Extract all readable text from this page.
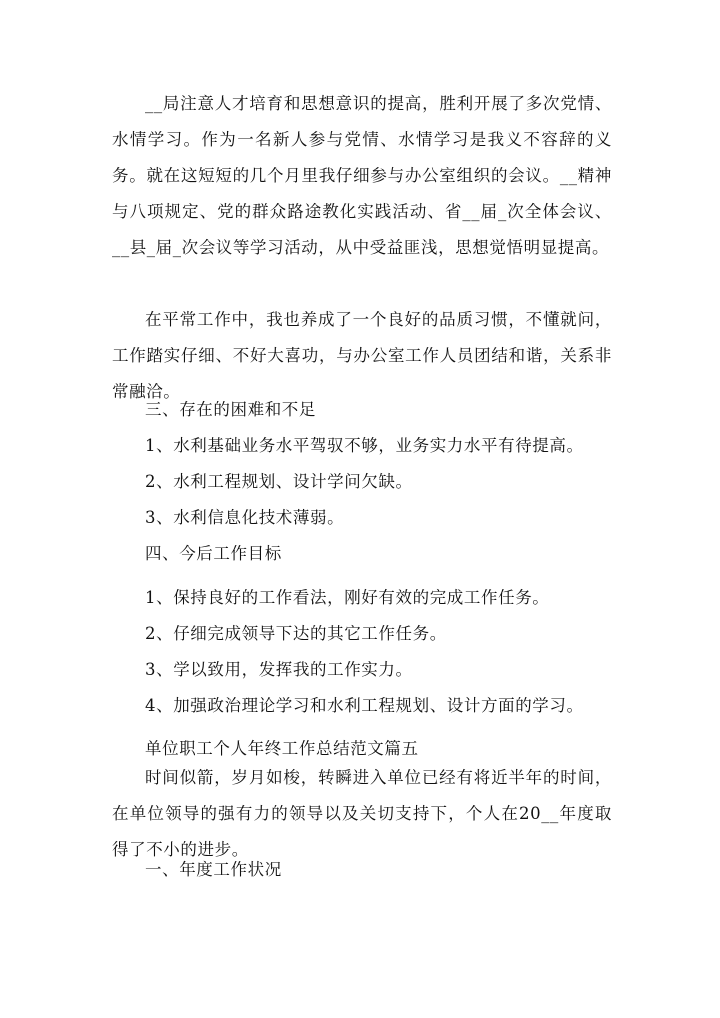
__局注意人才培育和思想意识的提高，胜利开展了多次党情、水情学习。作为一名新人参与党情、水情学习是我义不容辞的义务。就在这短短的几个月里我仔细参与办公室组织的会议。__精神与八项规定、党的群众路途教化实践活动、省__届_次全体会议、__县_届_次会议等学习活动，从中受益匪浅，思想觉悟明显提高。

在平常工作中，我也养成了一个良好的品质习惯，不懂就问，工作踏实仔细、不好大喜功，与办公室工作人员团结和谐，关系非常融洽。

三、存在的困难和不足

1、水利基础业务水平驾驭不够，业务实力水平有待提高。

2、水利工程规划、设计学问欠缺。

3、水利信息化技术薄弱。

四、今后工作目标

1、保持良好的工作看法，刚好有效的完成工作任务。

2、仔细完成领导下达的其它工作任务。

3、学以致用，发挥我的工作实力。

4、加强政治理论学习和水利工程规划、设计方面的学习。

单位职工个人年终工作总结范文篇五

时间似箭，岁月如梭，转瞬进入单位已经有将近半年的时间，在单位领导的强有力的领导以及关切支持下，个人在20__年度取得了不小的进步。

一、年度工作状况
